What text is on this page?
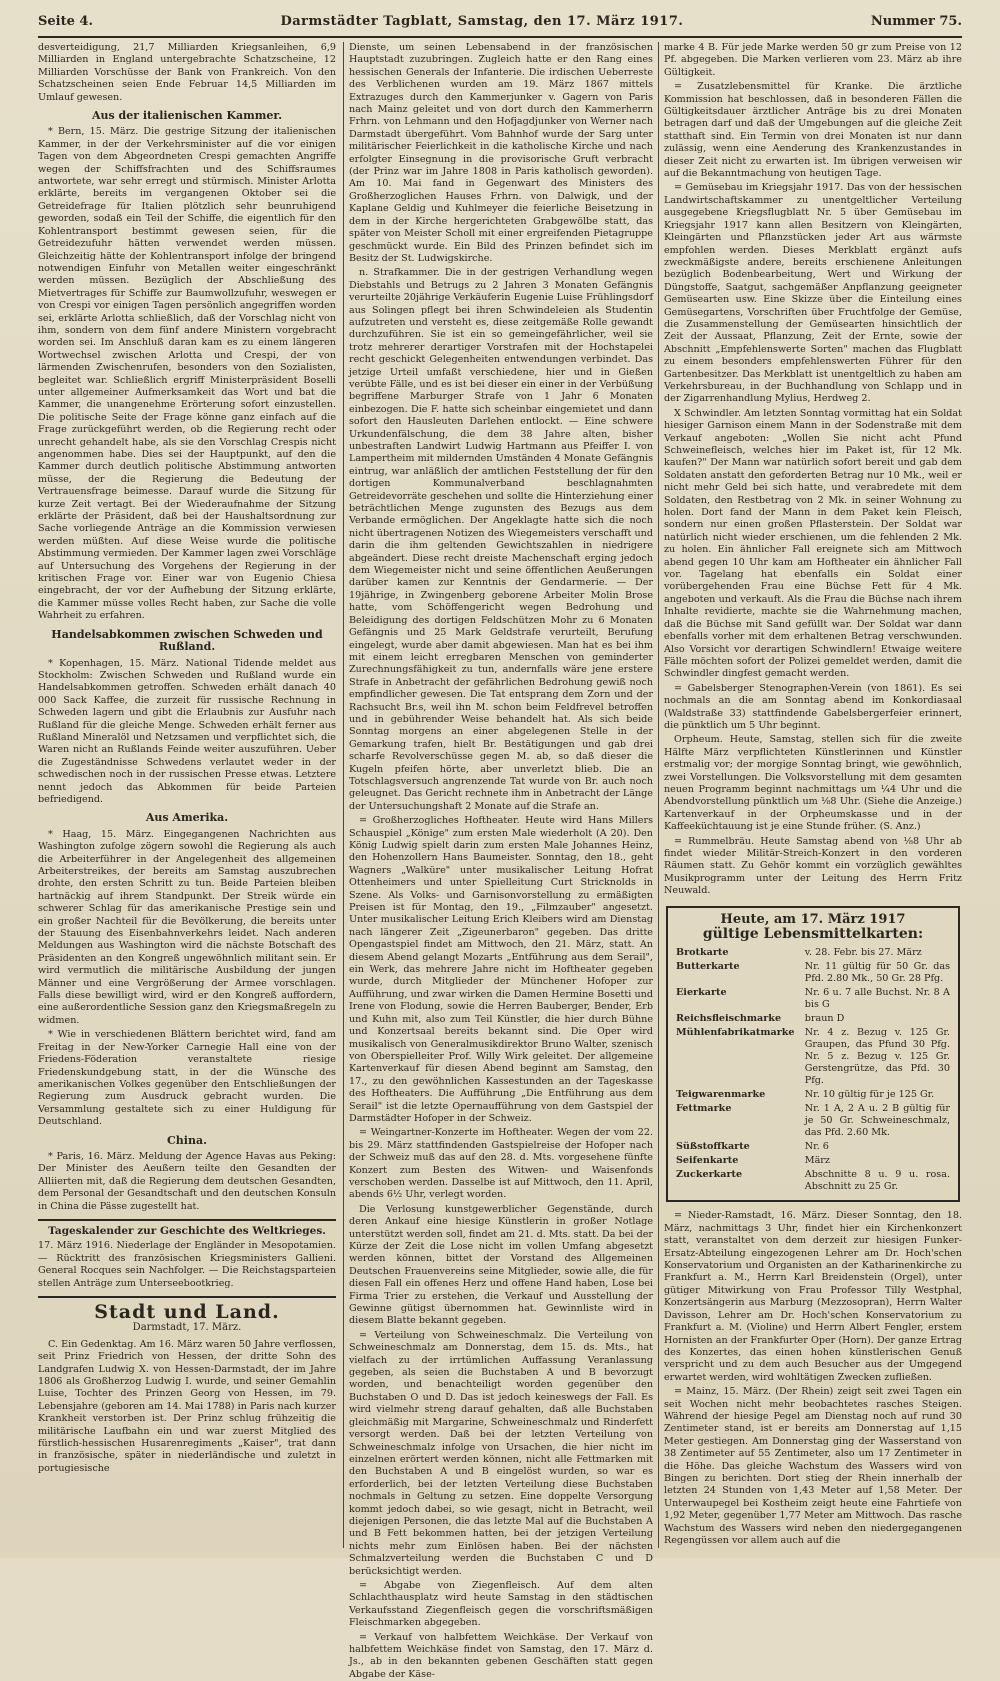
Seite 4.	Darmstädter Tagblatt, Samstag, den 17. März 1917.	Nummer 75.

desverteidigung, 21,7 Milliarden Kriegsanleihen, 6,9 Milliarden in England untergebrachte Schatzscheine, 12 Milliarden Vorschüsse der Bank von Frankreich. Von den Schatzscheinen seien Ende Februar 14,5 Milliarden im Umlauf gewesen.

Aus der italienischen Kammer.

* Bern, 15. März. Die gestrige Sitzung der italienischen Kammer, in der der Verkehrsminister auf die vor einigen Tagen von dem Abgeordneten Crespi gemachten Angriffe wegen der Schiffsfrachten und des Schiffsraumes antwortete, war sehr erregt und stürmisch. Minister Arlotta erklärte, bereits im vergangenen Oktober sei die Getreidefrage für Italien plötzlich sehr beunruhigend geworden, sodaß ein Teil der Schiffe, die eigentlich für den Kohlentransport bestimmt gewesen seien, für die Getreidezufuhr hätten verwendet werden müssen. Gleichzeitig hätte der Kohlentransport infolge der bringend notwendigen Einfuhr von Metallen weiter eingeschränkt werden müssen. Bezüglich der Abschließung des Mietvertrages für Schiffe zur Baumwollzufuhr, weswegen er von Crespi vor einigen Tagen persönlich angegriffen worden sei, erklärte Arlotta schließlich, daß der Vorschlag nicht von ihm, sondern von dem fünf andere Ministern vorgebracht worden sei. Im Anschluß daran kam es zu einem längeren Wortwechsel zwischen Arlotta und Crespi, der von lärmenden Zwischenrufen, besonders von den Sozialisten, begleitet war. Schließlich ergriff Ministerpräsident Boselli unter allgemeiner Aufmerksamkeit das Wort und bat die Kammer, die unangenehme Erörterung sofort einzustellen. Die politische Seite der Frage könne ganz einfach auf die Frage zurückgeführt werden, ob die Regierung recht oder unrecht gehandelt habe, als sie den Vorschlag Crespis nicht angenommen habe. Dies sei der Hauptpunkt, auf den die Kammer durch deutlich politische Abstimmung antworten müsse, der die Regierung die Bedeutung der Vertrauensfrage beimesse. Darauf wurde die Sitzung für kurze Zeit vertagt. Bei der Wiederaufnahme der Sitzung erklärte der Präsident, daß bei der Haushaltsordnung zur Sache vorliegende Anträge an die Kommission verwiesen werden müßten. Auf diese Weise wurde die politische Abstimmung vermieden. Der Kammer lagen zwei Vorschläge auf Untersuchung des Vorgehens der Regierung in der kritischen Frage vor. Einer war von Eugenio Chiesa eingebracht, der vor der Aufhebung der Sitzung erklärte, die Kammer müsse volles Recht haben, zur Sache die volle Wahrheit zu erfahren.

Handelsabkommen zwischen Schweden und Rußland.

* Kopenhagen, 15. März. National Tidende meldet aus Stockholm: Zwischen Schweden und Rußland wurde ein Handelsabkommen getroffen. Schweden erhält danach 40 000 Sack Kaffee, die zurzeit für russische Rechnung in Schweden lagern und gibt die Erlaubnis zur Ausfuhr nach Rußland für die gleiche Menge. Schweden erhält ferner aus Rußland Mineralöl und Netzsamen und verpflichtet sich, die Waren nicht an Rußlands Feinde weiter auszuführen. Ueber die Zugeständnisse Schwedens verlautet weder in der schwedischen noch in der russischen Presse etwas. Letztere nennt jedoch das Abkommen für beide Parteien befriedigend.

Aus Amerika.

* Haag, 15. März. Eingegangenen Nachrichten aus Washington zufolge zögern sowohl die Regierung als auch die Arbeiterführer in der Angelegenheit des allgemeinen Arbeiterstreikes, der bereits am Samstag auszubrechen drohte, den ersten Schritt zu tun. Beide Parteien bleiben hartnäckig auf ihrem Standpunkt. Der Streik würde ein schwerer Schlag für das amerikanische Prestige sein und ein großer Nachteil für die Bevölkerung, die bereits unter der Stauung des Eisenbahnverkehrs leidet. Nach anderen Meldungen aus Washington wird die nächste Botschaft des Präsidenten an den Kongreß ungewöhnlich militant sein. Er wird vermutlich die militärische Ausbildung der jungen Männer und eine Vergrößerung der Armee vorschlagen. Falls diese bewilligt wird, wird er den Kongreß auffordern, eine außerordentliche Session ganz den Kriegsmaßregeln zu widmen.

* Wie in verschiedenen Blättern berichtet wird, fand am Freitag in der New-Yorker Carnegie Hall eine von der Friedens-Föderation veranstaltete riesige Friedenskundgebung statt, in der die Wünsche des amerikanischen Volkes gegenüber den Entschließungen der Regierung zum Ausdruck gebracht wurden. Die Versammlung gestaltete sich zu einer Huldigung für Deutschland.

China.

* Paris, 16. März. Meldung der Agence Havas aus Peking: Der Minister des Aeußern teilte den Gesandten der Alliierten mit, daß die Regierung dem deutschen Gesandten, dem Personal der Gesandtschaft und den deutschen Konsuln in China die Pässe zugestellt hat.

Tageskalender zur Geschichte des Weltkrieges.

17. März 1916. Niederlage der Engländer in Mesopotamien. — Rücktritt des französischen Kriegsministers Gallieni. General Rocques sein Nachfolger. — Die Reichstagsparteien stellen Anträge zum Unterseebootkrieg.

Stadt und Land.
Darmstadt, 17. März.

C. Ein Gedenktag. Am 16. März waren 50 Jahre verflossen, seit Prinz Friedrich von Hessen, der dritte Sohn des Landgrafen Ludwig X. von Hessen-Darmstadt, der im Jahre 1806 als Großherzog Ludwig I. wurde, und seiner Gemahlin Luise, Tochter des Prinzen Georg von Hessen, im 79. Lebensjahre (geboren am 14. Mai 1788) in Paris nach kurzer Krankheit verstorben ist. Der Prinz schlug frühzeitig die militärische Laufbahn ein und war zuerst Mitglied des fürstlich-hessischen Husarenregiments „Kaiser", trat dann in französische, später in niederländische und zuletzt in portugiesische

Dienste, um seinen Lebensabend in der französischen Hauptstadt zuzubringen. Zugleich hatte er den Rang eines hessischen Generals der Infanterie. Die irdischen Ueberreste des Verblichenen wurden am 19. März 1867 mittels Extrazuges durch den Kammerjunker v. Gagern von Paris nach Mainz geleitet und von dort durch den Kammerherrn Frhrn. von Lehmann und den Hofjagdjunker von Werner nach Darmstadt übergeführt. Vom Bahnhof wurde der Sarg unter militärischer Feierlichkeit in die katholische Kirche und nach erfolgter Einsegnung in die provisorische Gruft verbracht (der Prinz war im Jahre 1808 in Paris katholisch geworden). Am 10. Mai fand in Gegenwart des Ministers des Großherzoglichen Hauses Frhrn. von Dalwigk, und der Kaplane Geldig und Kuhlmeyer die feierliche Beisetzung in dem in der Kirche hergerichteten Grabgewölbe statt, das später von Meister Scholl mit einer ergreifenden Pietagruppe geschmückt wurde. Ein Bild des Prinzen befindet sich im Besitz der St. Ludwigskirche.

n. Strafkammer. Die in der gestrigen Verhandlung wegen Diebstahls und Betrugs zu 2 Jahren 3 Monaten Gefängnis verurteilte 20jährige Verkäuferin Eugenie Luise Frühlingsdorf aus Solingen pflegt bei ihren Schwindeleien als Studentin aufzutreten und versteht es, diese zeitgemäße Rolle gewandt durchzuführen. Sie ist ein so gemeingefährlicher, weil sie trotz mehrerer derartiger Vorstrafen mit der Hochstapelei recht geschickt Gelegenheiten entwendungen verbindet. Das jetzige Urteil umfaßt verschiedene, hier und in Gießen verübte Fälle, und es ist bei dieser ein einer in der Verbüßung begriffene Marburger Strafe von 1 Jahr 6 Monaten einbezogen. Die F. hatte sich scheinbar eingemietet und dann sofort den Hausleuten Darlehen entlockt. — Eine schwere Urkundenfälschung, die dem 38 Jahre alten, bisher unbestraften Landwirt Ludwig Hartmann aus Pfeiffer I. von Lampertheim mit mildernden Umständen 4 Monate Gefängnis eintrug, war anläßlich der amtlichen Feststellung der für den dortigen Kommunalverband beschlagnahmten Getreidevorräte geschehen und sollte die Hinterziehung einer beträchtlichen Menge zugunsten des Bezugs aus dem Verbande ermöglichen. Der Angeklagte hatte sich die noch nicht übertragenen Notizen des Wiegemeisters verschafft und darin die ihm geltenden Gewichtszahlen in niedrigere abgeändert. Diese recht dreiste Machenschaft erging jedoch dem Wiegemeister nicht und seine öffentlichen Aeußerungen darüber kamen zur Kenntnis der Gendarmerie. — Der 19jährige, in Zwingenberg geborene Arbeiter Molin Brose hatte, vom Schöffengericht wegen Bedrohung und Beleidigung des dortigen Feldschützen Mohr zu 6 Monaten Gefängnis und 25 Mark Geldstrafe verurteilt, Berufung eingelegt, wurde aber damit abgewiesen. Man hat es bei ihm mit einem leicht erregbaren Menschen von geminderter Zurechnungsfähigkeit zu tun, andernfalls wäre jene erstere Strafe in Anbetracht der gefährlichen Bedrohung gewiß noch empfindlicher gewesen. Die Tat entsprang dem Zorn und der Rachsucht Br.s, weil ihn M. schon beim Feldfrevel betroffen und in gebührender Weise behandelt hat. Als sich beide Sonntag morgens an einer abgelegenen Stelle in der Gemarkung trafen, hielt Br. Bestätigungen und gab drei scharfe Revolverschüsse gegen M. ab, so daß dieser die Kugeln pfeifen hörte, aber unverletzt blieb. Die an Totschlagsversuch angrenzende Tat wurde von Br. auch noch geleugnet. Das Gericht rechnete ihm in Anbetracht der Länge der Untersuchungshaft 2 Monate auf die Strafe an.

= Großherzogliches Hoftheater. Heute wird Hans Millers Schauspiel „Könige" zum ersten Male wiederholt (A 20). Den König Ludwig spielt darin zum ersten Male Johannes Heinz, den Hohenzollern Hans Baumeister. Sonntag, den 18., geht Wagners „Walküre" unter musikalischer Leitung Hofrat Ottenheimers und unter Spielleitung Curt Stricknolds in Szene. Als Volks- und Garnisonvorstellung zu ermäßigten Preisen ist für Montag, den 19., „Filmzauber" angesetzt. Unter musikalischer Leitung Erich Kleibers wird am Dienstag nach längerer Zeit „Zigeunerbaron" gegeben. Das dritte Opengastspiel findet am Mittwoch, den 21. März, statt. An diesem Abend gelangt Mozarts „Entführung aus dem Serail", ein Werk, das mehrere Jahre nicht im Hoftheater gegeben wurde, durch Mitglieder der Münchener Hofoper zur Aufführung, und zwar wirken die Damen Hermine Bosetti und Irene von Flodung, sowie die Herren Bauberger, Bender, Erb und Kuhn mit, also zum Teil Künstler, die hier durch Bühne und Konzertsaal bereits bekannt sind. Die Oper wird musikalisch von Generalmusikdirektor Bruno Walter, szenisch von Oberspielleiter Prof. Willy Wirk geleitet. Der allgemeine Kartenverkauf für diesen Abend beginnt am Samstag, den 17., zu den gewöhnlichen Kassestunden an der Tageskasse des Hoftheaters. Die Aufführung „Die Entführung aus dem Serail" ist die letzte Opernaufführung von dem Gastspiel der Darmstädter Hofoper in der Schweiz.

= Weingartner-Konzerte im Hoftheater. Wegen der vom 22. bis 29. März stattfindenden Gastspielreise der Hofoper nach der Schweiz muß das auf den 28. d. Mts. vorgesehene fünfte Konzert zum Besten des Witwen- und Waisenfonds verschoben werden. Dasselbe ist auf Mittwoch, den 11. April, abends 6½ Uhr, verlegt worden.

Die Verlosung kunstgewerblicher Gegenstände, durch deren Ankauf eine hiesige Künstlerin in großer Notlage unterstützt werden soll, findet am 21. d. Mts. statt. Da bei der Kürze der Zeit die Lose nicht im vollen Umfang abgesetzt werden können, bittet der Vorstand des Allgemeinen Deutschen Frauenvereins seine Mitglieder, sowie alle, die für diesen Fall ein offenes Herz und offene Hand haben, Lose bei Firma Trier zu erstehen, die Verkauf und Ausstellung der Gewinne gütigst übernommen hat. Gewinnliste wird in diesem Blatte bekannt gegeben.

= Verteilung von Schweineschmalz. Die Verteilung von Schweineschmalz am Donnerstag, dem 15. ds. Mts., hat vielfach zu der irrtümlichen Auffassung Veranlassung gegeben, als seien die Buchstaben A und B bevorzugt worden, und benachteiligt worden gegenüber den Buchstaben O und D. Das ist jedoch keineswegs der Fall. Es wird vielmehr streng darauf gehalten, daß alle Buchstaben gleichmäßig mit Margarine, Schweineschmalz und Rinderfett versorgt werden. Daß bei der letzten Verteilung von Schweineschmalz infolge von Ursachen, die hier nicht im einzelnen erörtert werden können, nicht alle Fettmarken mit den Buchstaben A und B eingelöst wurden, so war es erforderlich, bei der letzten Verteilung diese Buchstaben nochmals in Geltung zu setzen. Eine doppelte Versorgung kommt jedoch dabei, so wie gesagt, nicht in Betracht, weil diejenigen Personen, die das letzte Mal auf die Buchstaben A und B Fett bekommen hatten, bei der jetzigen Verteilung nichts mehr zum Einlösen haben. Bei der nächsten Schmalzverteilung werden die Buchstaben C und D berücksichtigt werden.

= Abgabe von Ziegenfleisch. Auf dem alten Schlachthausplatz wird heute Samstag in den städtischen Verkaufsstand Ziegenfleisch gegen die vorschriftsmäßigen Fleischmarken abgegeben.

= Verkauf von halbfettem Weichkäse. Der Verkauf von halbfettem Weichkäse findet von Samstag, den 17. März d. Js., ab in den bekannten gebenen Geschäften statt gegen Abgabe der Käse-

marke 4 B. Für jede Marke werden 50 gr zum Preise von 12 Pf. abgegeben. Die Marken verlieren vom 23. März ab ihre Gültigkeit.

= Zusatzlebensmittel für Kranke. Die ärztliche Kommission hat beschlossen, daß in besonderen Fällen die Gültigkeitsdauer ärztlicher Anträge bis zu drei Monaten betragen darf und daß der Umgebungen auf die gleiche Zeit statthaft sind. Ein Termin von drei Monaten ist nur dann zulässig, wenn eine Aenderung des Krankenzustandes in dieser Zeit nicht zu erwarten ist. Im übrigen verweisen wir auf die Bekanntmachung von heutigen Tage.

= Gemüsebau im Kriegsjahr 1917. Das von der hessischen Landwirtschaftskammer zu unentgeltlicher Verteilung ausgegebene Kriegsflugblatt Nr. 5 über Gemüsebau im Kriegsjahr 1917 kann allen Besitzern von Kleingärten, Kleingärten und Pflanzstücken jeder Art aus wärmste empfohlen werden. Dieses Merkblatt ergänzt aufs zweckmäßigste andere, bereits erschienene Anleitungen bezüglich Bodenbearbeitung, Wert und Wirkung der Düngstoffe, Saatgut, sachgemäßer Anpflanzung geeigneter Gemüsearten usw. Eine Skizze über die Einteilung eines Gemüsegartens, Vorschriften über Fruchtfolge der Gemüse, die Zusammenstellung der Gemüsearten hinsichtlich der Zeit der Aussaat, Pflanzung, Zeit der Ernte, sowie der Abschnitt „Empfehlenswerte Sorten" machen das Flugblatt zu einem besonders empfehlenswerten Führer für den Gartenbesitzer. Das Merkblatt ist unentgeltlich zu haben am Verkehrsbureau, in der Buchhandlung von Schlapp und in der Zigarrenhandlung Mylius, Herdweg 2.

X Schwindler. Am letzten Sonntag vormittag hat ein Soldat hiesiger Garnison einem Mann in der Sodenstraße mit dem Verkauf angeboten: „Wollen Sie nicht acht Pfund Schweinefleisch, welches hier im Paket ist, für 12 Mk. kaufen?" Der Mann war natürlich sofort bereit und gab dem Soldaten anstatt den geforderten Betrag nur 10 Mk., weil er nicht mehr Geld bei sich hatte, und verabredete mit dem Soldaten, den Restbetrag von 2 Mk. in seiner Wohnung zu holen. Dort fand der Mann in dem Paket kein Fleisch, sondern nur einen großen Pflasterstein. Der Soldat war natürlich nicht wieder erschienen, um die fehlenden 2 Mk. zu holen. Ein ähnlicher Fall ereignete sich am Mittwoch abend gegen 10 Uhr kam am Hoftheater ein ähnlicher Fall vor. Tagelang hat ebenfalls ein Soldat einer vorübergehenden Frau eine Büchse Fett für 4 Mk. angeboten und verkauft. Als die Frau die Büchse nach ihrem Inhalte revidierte, machte sie die Wahrnehmung machen, daß die Büchse mit Sand gefüllt war. Der Soldat war dann ebenfalls vorher mit dem erhaltenen Betrag verschwunden. Also Vorsicht vor derartigen Schwindlern! Etwaige weitere Fälle möchten sofort der Polizei gemeldet werden, damit die Schwindler dingfest gemacht werden.

= Gabelsberger Stenographen-Verein (von 1861). Es sei nochmals an die am Sonntag abend im Konkordiasaal (Waldstraße 33) stattfindende Gabelsbergerfeier erinnert, die pünktlich um 5 Uhr beginnt.

Orpheum. Heute, Samstag, stellen sich für die zweite Hälfte März verpflichteten Künstlerinnen und Künstler erstmalig vor; der morgige Sonntag bringt, wie gewöhnlich, zwei Vorstellungen. Die Volksvorstellung mit dem gesamten neuen Programm beginnt nachmittags um ¼4 Uhr und die Abendvorstellung pünktlich um ⅛8 Uhr. (Siehe die Anzeige.) Kartenverkauf in der Orpheumskasse und in der Kaffeeküchtauung ist je eine Stunde früher. (S. Anz.)

= Rummelbräu. Heute Samstag abend von ⅛8 Uhr ab findet wieder Militär-Streich-Konzert in den vorderen Räumen statt. Zu Gehör kommt ein vorzüglich gewähltes Musikprogramm unter der Leitung des Herrn Fritz Neuwald.

Heute, am 17. März 1917
gültige Lebensmittelkarten:
Brotkarte	v. 28. Febr. bis 27. März
Butterkarte	Nr. 11 gültig für 50 Gr. das Pfd. 2.80 Mk., 50 Gr. 28 Pfg.
Eierkarte	Nr. 6 u. 7 alle Buchst. Nr. 8 A bis G
Reichsfleischmarke	braun D
Mühlenfabrikatmarke	Nr. 4 z. Bezug v. 125 Gr. Graupen, das Pfund 30 Pfg. Nr. 5 z. Bezug v. 125 Gr. Gerstengrütze, das Pfd. 30 Pfg.
Teigwarenmarke	Nr. 10 gültig für je 125 Gr.
Fettmarke	Nr. 1 A, 2 A u. 2 B gültig für je 50 Gr. Schweineschmalz, das Pfd. 2.60 Mk.
Süßstoffkarte	Nr. 6
Seifenkarte	März
Zuckerkarte	Abschnitte 8 u. 9 u. rosa. Abschnitt zu 25 Gr.

= Nieder-Ramstadt, 16. März. Dieser Sonntag, den 18. März, nachmittags 3 Uhr, findet hier ein Kirchenkonzert statt, veranstaltet von dem derzeit zur hiesigen Funker-Ersatz-Abteilung eingezogenen Lehrer am Dr. Hoch'schen Konservatorium und Organisten an der Katharinenkirche zu Frankfurt a. M., Herrn Karl Breidenstein (Orgel), unter gütiger Mitwirkung von Frau Professor Tilly Westphal, Konzertsängerin aus Marburg (Mezzosopran), Herrn Walter Davisson, Lehrer am Dr. Hoch'schen Konservatorium zu Frankfurt a. M. (Violine) und Herrn Albert Fengler, erstem Hornisten an der Frankfurter Oper (Horn). Der ganze Ertrag des Konzertes, das einen hohen künstlerischen Genuß verspricht und zu dem auch Besucher aus der Umgegend erwartet werden, wird wohltätigen Zwecken zufließen.

= Mainz, 15. März. (Der Rhein) zeigt seit zwei Tagen ein seit Wochen nicht mehr beobachtetes rasches Steigen. Während der hiesige Pegel am Dienstag noch auf rund 30 Zentimeter stand, ist er bereits am Donnerstag auf 1,15 Meter gestiegen. Am Donnerstag ging der Wasserstand von 38 Zentimeter auf 55 Zentimeter, also um 17 Zentimeter in die Höhe. Das gleiche Wachstum des Wassers wird von Bingen zu berichten. Dort stieg der Rhein innerhalb der letzten 24 Stunden von 1,43 Meter auf 1,58 Meter. Der Unterwaupegel bei Kostheim zeigt heute eine Fahrtiefe von 1,92 Meter, gegenüber 1,77 Meter am Mittwoch. Das rasche Wachstum des Wassers wird neben den niedergegangenen Regengüssen vor allem auch auf die
